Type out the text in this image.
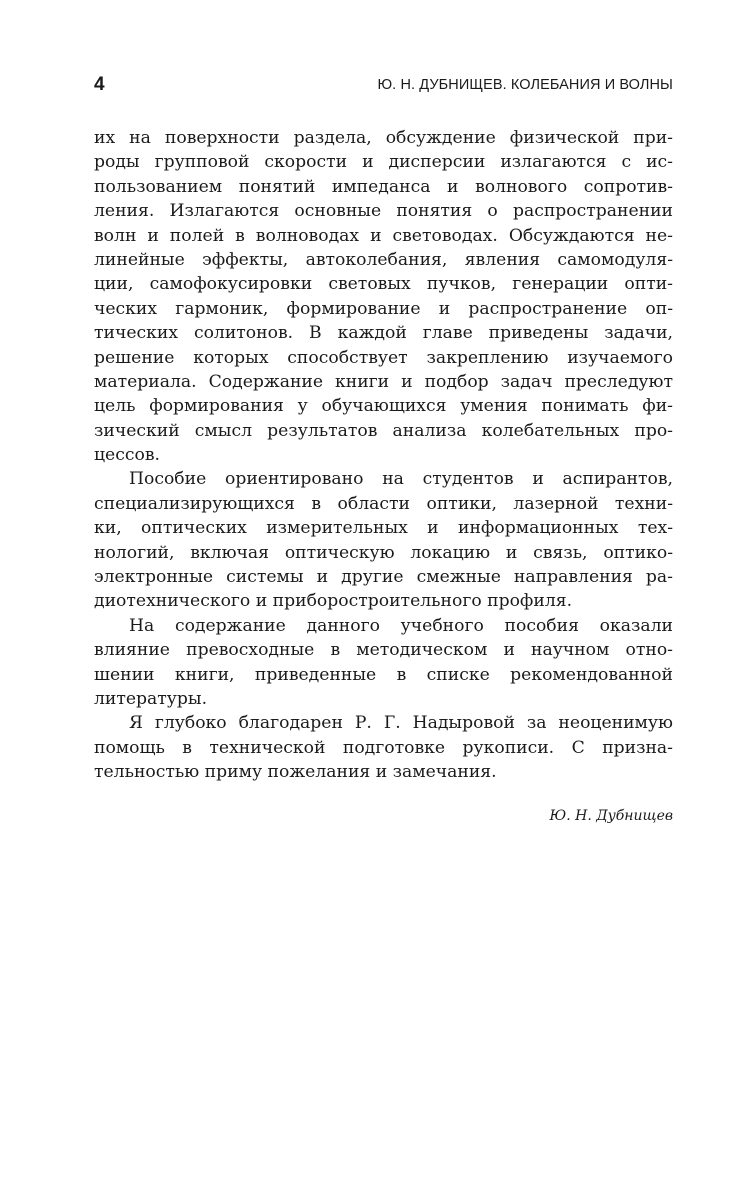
4	Ю. Н. ДУБНИЩЕВ. КОЛЕБАНИЯ И ВОЛНЫ
их на поверхности раздела, обсуждение физической при-
роды групповой скорости и дисперсии излагаются с ис-
пользованием понятий импеданса и волнового сопротив-
ления. Излагаются основные понятия о распространении
волн и полей в волноводах и световодах. Обсуждаются не-
линейные эффекты, автоколебания, явления самомодуля-
ции, самофокусировки световых пучков, генерации опти-
ческих гармоник, формирование и распространение оп-
тических солитонов. В каждой главе приведены задачи,
решение которых способствует закреплению изучаемого
материала. Содержание книги и подбор задач преследуют
цель формирования у обучающихся умения понимать фи-
зический смысл результатов анализа колебательных про-
цессов.
Пособие ориентировано на студентов и аспирантов,
специализирующихся в области оптики, лазерной техни-
ки, оптических измерительных и информационных тех-
нологий, включая оптическую локацию и связь, оптико-
электронные системы и другие смежные направления ра-
диотехнического и приборостроительного профиля.
На содержание данного учебного пособия оказали
влияние превосходные в методическом и научном отно-
шении книги, приведенные в списке рекомендованной
литературы.
Я глубоко благодарен Р. Г. Надыровой за неоценимую
помощь в технической подготовке рукописи. С призна-
тельностью приму пожелания и замечания.
Ю. Н. Дубнищев
